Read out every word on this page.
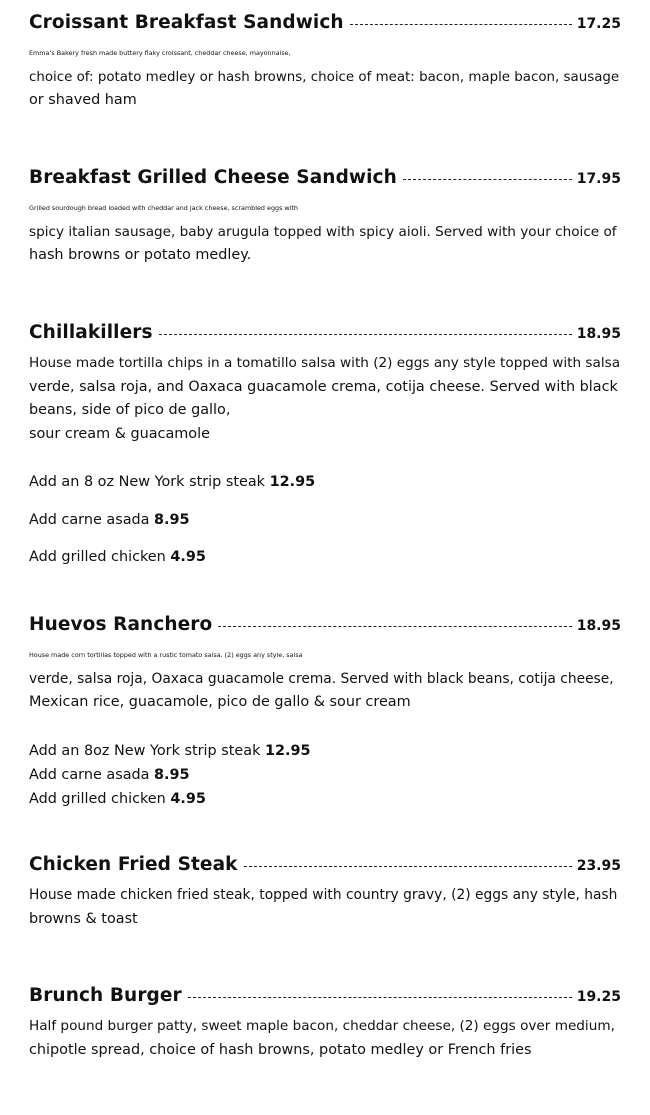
Croissant Breakfast Sandwich	17.25
Emma’s Bakery fresh made buttery flaky croissant, cheddar cheese, mayonnaise,
choice of: potato medley or hash browns, choice of meat: bacon, maple bacon, sausage
or shaved ham
Breakfast Grilled Cheese Sandwich	17.95
Grilled sourdough bread loaded with cheddar and jack cheese, scrambled eggs with
spicy italian sausage, baby arugula topped with spicy aioli. Served with your choice of
hash browns or potato medley.
Chillakillers	18.95
House made tortilla chips in a tomatillo salsa with (2) eggs any style topped with salsa
verde, salsa roja, and Oaxaca guacamole crema, cotija cheese. Served with black
beans, side of pico de gallo,
sour cream & guacamole
Add an 8 oz New York strip steak 12.95
Add carne asada 8.95
Add grilled chicken 4.95
Huevos Ranchero	18.95
House made corn tortillas topped with a rustic tomato salsa, (2) eggs any style, salsa
verde, salsa roja, Oaxaca guacamole crema. Served with black beans, cotija cheese,
Mexican rice, guacamole, pico de gallo & sour cream
Add an 8oz New York strip steak 12.95
Add carne asada 8.95
Add grilled chicken 4.95
Chicken Fried Steak	23.95
House made chicken fried steak, topped with country gravy, (2) eggs any style, hash
browns & toast
Brunch Burger	19.25
Half pound burger patty, sweet maple bacon, cheddar cheese, (2) eggs over medium,
chipotle spread, choice of hash browns, potato medley or French fries
